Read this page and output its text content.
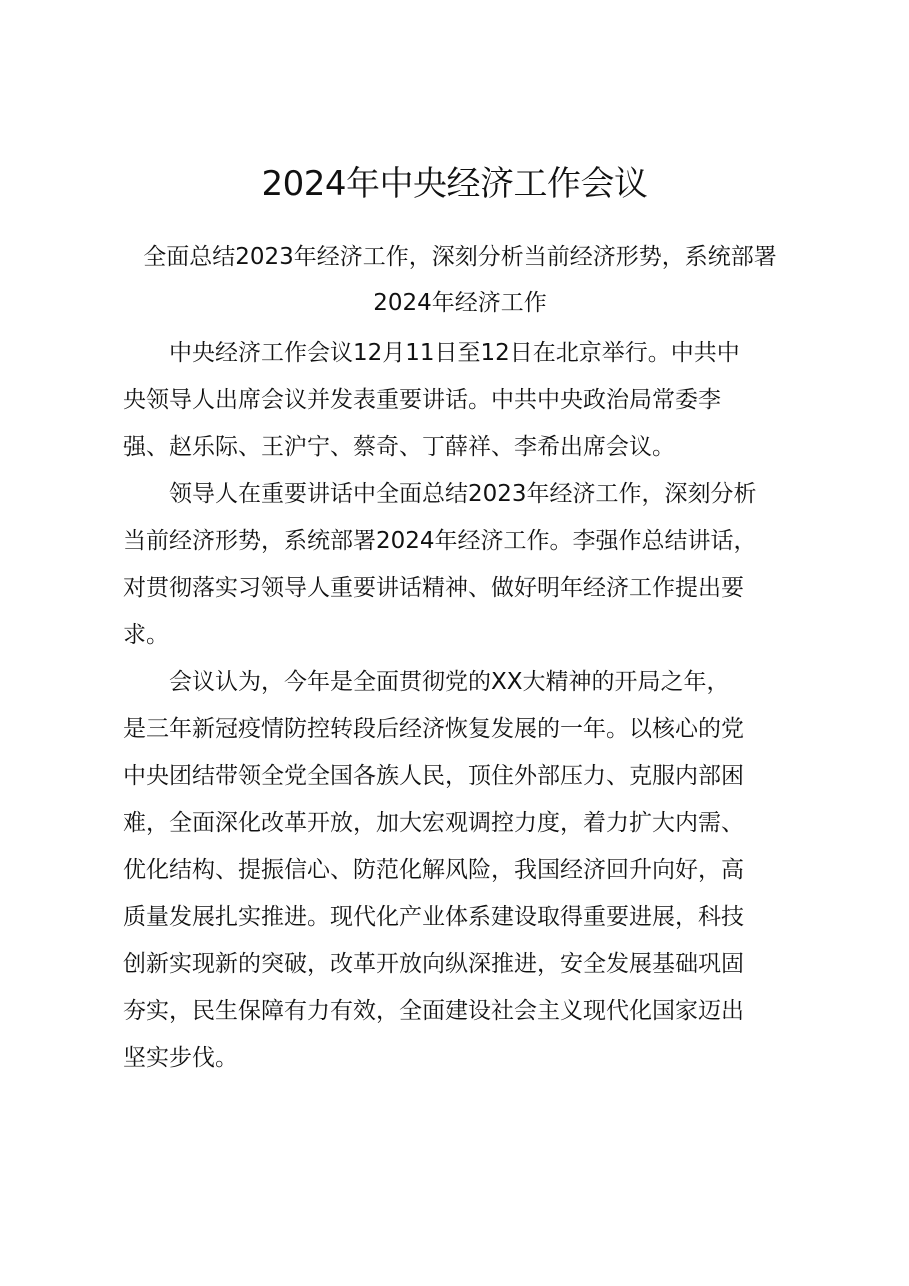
2024年中央经济工作会议
全面总结2023年经济工作，深刻分析当前经济形势，系统部署
2024年经济工作

中央经济工作会议12月11日至12日在北京举行。中共中
央领导人出席会议并发表重要讲话。中共中央政治局常委李
强、赵乐际、王沪宁、蔡奇、丁薛祥、李希出席会议。

领导人在重要讲话中全面总结2023年经济工作，深刻分析
当前经济形势，系统部署2024年经济工作。李强作总结讲话，
对贯彻落实习领导人重要讲话精神、做好明年经济工作提出要
求。

会议认为，今年是全面贯彻党的XX大精神的开局之年，
是三年新冠疫情防控转段后经济恢复发展的一年。以核心的党
中央团结带领全党全国各族人民，顶住外部压力、克服内部困
难，全面深化改革开放，加大宏观调控力度，着力扩大内需、
优化结构、提振信心、防范化解风险，我国经济回升向好，高
质量发展扎实推进。现代化产业体系建设取得重要进展，科技
创新实现新的突破，改革开放向纵深推进，安全发展基础巩固
夯实，民生保障有力有效，全面建设社会主义现代化国家迈出
坚实步伐。
